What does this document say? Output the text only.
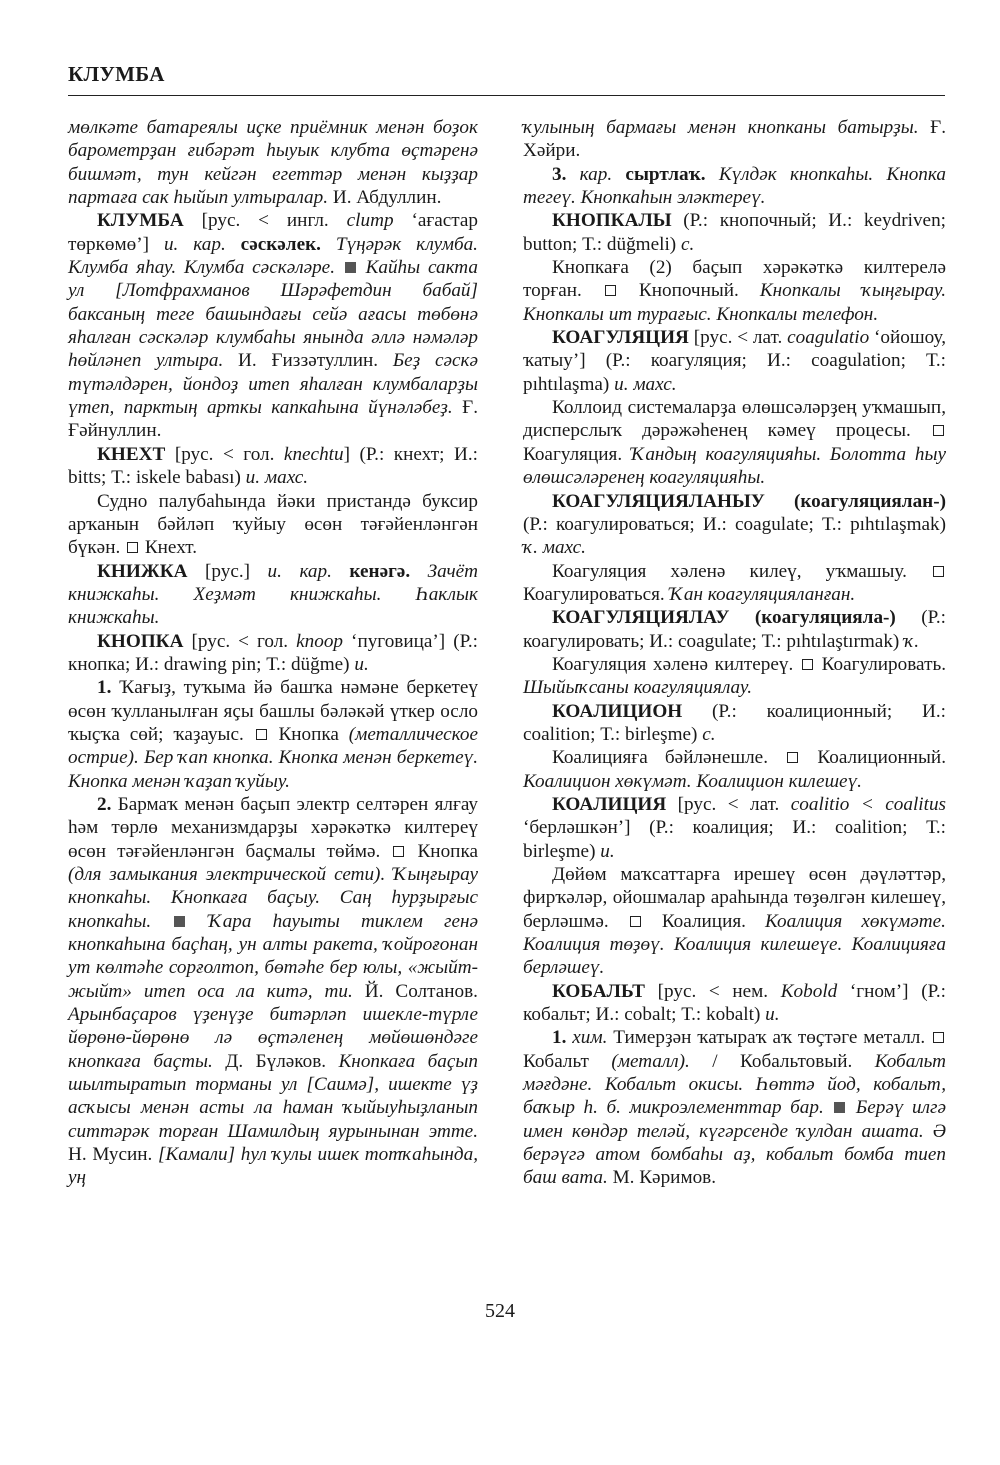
КЛУМБА

мөлкәте батареялы иҫке приёмник менән боҙок барометрҙан ғибәрәт һыуык клубта өҫтәренә бишмәт, тун кейгән егеттәр менән кыҙҙар партаға сак һыйып ултыралар. И. Абдуллин.

КЛУМБА [рус. < ингл. clump ‘ағастар төркөмө’] и. кар. сәскәлек. Түңәрәк клумба. Клумба яһау. Клумба сәскәләре.  Кайһы сакта ул [Лотфрахманов Шәрәфетдин бабай] баксаның теге башындағы сейә ағасы төбөнә яһалған сәскәләр клумбаһы янында әллә нәмәләр һөйләнеп ултыра. И. Ғиззәтуллин. Беҙ сәскә түтәлдәрен, йондоҙ итеп яһалған клумбаларҙы үтеп, парктың арткы капкаһына йүнәләбеҙ. Ғ. Ғәйнуллин.

КНЕХТ [рус. < гол. knechtu] (Р.: кнехт; И.: bitts; Т.: iskele babası) и. махс.

Судно палубаһында йәки пристандә буксир арҡанын бәйләп ҡуйыу өсөн тәғәйенләнгән бүкән.  Кнехт.

КНИЖКА [рус.] и. кар. кенәгә. Зачёт книжкаһы. Хеҙмәт книжкаһы. Һаклык книжкаһы.

КНОПКА [рус. < гол. knoop ‘пуговица’] (Р.: кнопка; И.: drawing pin; Т.: düğme) и.

1. Ҡағыҙ, туҡыма йә башҡа нәмәне беркетеү өсөн ҡулланылған яҫы башлы бәләкәй үткер осло ҡыҫҡа сөй; ҡаҙауыс.  Кнопка (металлическое острие). Бер ҡап кнопка. Кнопка менән беркетеү. Кнопка менән ҡаҙап ҡуйыу.

2. Бармаҡ менән баҫып электр селтәрен ялғау һәм төрлө механизмдарҙы хәрәкәткә килтереү өсөн тәғәйенләнгән баҫмалы төймә.  Кнопка (для замыкания электрической сети). Ҡыңғырау кнопкаһы. Кнопкаға баҫыу. Саң һурҙырғыс кнопкаһы.  Ҡара һауыты тиклем генә кнопкаһына баҫһаң, ун алты ракета, ҡойроғонан ут көлтәһе сорғолтоп, бөтәһе бер юлы, «жыйт-жыйт» итеп оса ла китә, ти. Й. Солтанов. Арынбаҫаров үҙенүҙе битәрләп ишекле-түрле йөрөнө-йөрөнө лә өҫтәленең мөйөшөндәге кнопкаға баҫты. Д. Бүләков. Кнопкаға баҫып шылтыратып торманы ул [Саимә], ишекте үҙ асҡысы менән асты ла һаман ҡыйыуһыҙланып ситтәрәк торған Шамилдың яурынынан этте. Н. Мусин. [Камали] һул ҡулы ишек тотҡаһында, уң

ҡулының бармағы менән кнопканы батырҙы. Ғ. Хәйри.

3. кар. сыртлаҡ. Күлдәк кнопкаһы. Кнопка тегеү. Кнопкаһын эләктереү.

КНОПКАЛЫ (Р.: кнопочный; И.: keydriven; button; Т.: düğmeli) с.

Кнопкаға (2) баҫып хәрәкәткә килтерелә торған.  Кнопочный. Кнопкалы ҡыңғырау. Кнопкалы ит турағыс. Кнопкалы телефон.

КОАГУЛЯЦИЯ [рус. < лат. coagulatio ‘ойошоу, ҡатыу’] (Р.: коагуляция; И.: coagulation; Т.: pıhtılaşma) и. махс.

Коллоид системаларҙа өлөшсәләрҙең уҡмашып, дисперслыҡ дәрәжәһенең кәмеү процесы.  Коагуляция. Ҡандың коагуляцияһы. Болотта һыу өлөшсәләренең коагуляцияһы.

КОАГУЛЯЦИЯЛАНЫУ (коагуляциялан-) (Р.: коагулироваться; И.: coagulate; Т.: pıhtılaşmak) ҡ. махс.

Коагуляция хәленә килеү, уҡмашыу.  Коагулироваться. Ҡан коагуляцияланған.

КОАГУЛЯЦИЯЛАУ (коагуляциялa-) (Р.: коагулировать; И.: coagulate; Т.: pıhtılaştırmak) ҡ.

Коагуляция хәленә килтереү.  Коагулировать. Шыйыҡсаны коагуляциялау.

КОАЛИЦИОН (Р.: коалиционный; И.: coalition; Т.: birleşme) с.

Коалицияға бәйләнешле.  Коалиционный. Коалицион хөкүмәт. Коалицион килешеү.

КОАЛИЦИЯ [рус. < лат. coalitio < coalitus ‘берләшкән’] (Р.: коалиция; И.: coalition; Т.: birleşme) и.

Дөйөм маҡсаттарға ирешеү өсөн дәүләттәр, фирҡәләр, ойошмалар араһында төҙөлгән килешеү, берләшмә.  Коалиция. Коалиция хөкүмәте. Коалиция төҙөү. Коалиция килешеүе. Коалицияға берләшеү.

КОБАЛЬТ [рус. < нем. Kobold ‘гном’] (Р.: кобальт; И.: cobalt; Т.: kobalt) и.

1. хим. Тимерҙән ҡатыраҡ аҡ төҫтәге металл.  Кобальт (металл). / Кобальтовый. Кобальт мәғдәне. Кобальт окисы. Һөттә йод, кобальт, баҡыр һ. б. микроэлементтар бар.  Берәү илгә имен көндәр теләй, күгәрсенде ҡулдан ашата. Ә берәүгә атом бомбаһы аҙ, кобальт бомба тиеп баш вата. М. Кәримов.

524
